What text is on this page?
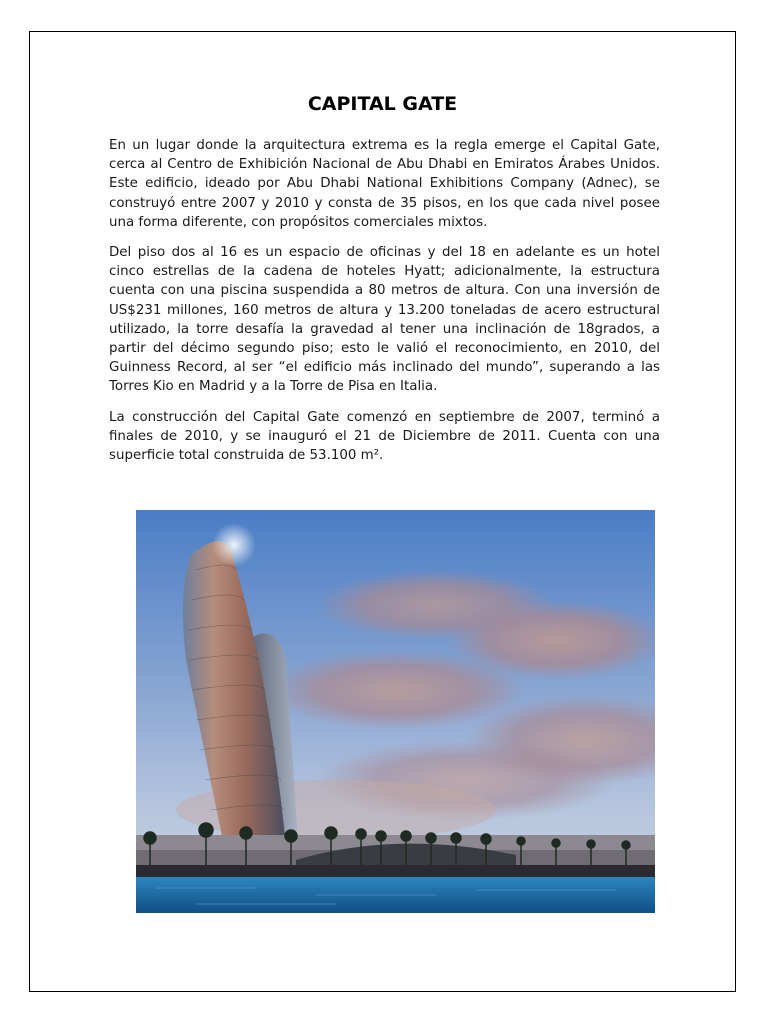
CAPITAL GATE

En un lugar donde la arquitectura extrema es la regla emerge el Capital Gate, cerca al Centro de Exhibición Nacional de Abu Dhabi en Emiratos Árabes Unidos. Este edificio, ideado por Abu Dhabi National Exhibitions Company (Adnec), se construyó entre 2007 y 2010 y consta de 35 pisos, en los que cada nivel posee una forma diferente, con propósitos comerciales mixtos.

Del piso dos al 16 es un espacio de oficinas y del 18 en adelante es un hotel cinco estrellas de la cadena de hoteles Hyatt; adicionalmente, la estructura cuenta con una piscina suspendida a 80 metros de altura. Con una inversión de US$231 millones, 160 metros de altura y 13.200 toneladas de acero estructural utilizado, la torre desafía la gravedad al tener una inclinación de 18grados, a partir del décimo segundo piso; esto le valió el reconocimiento, en 2010, del Guinness Record, al ser “el edificio más inclinado del mundo”, superando a las Torres Kio en Madrid y a la Torre de Pisa en Italia.

La construcción del Capital Gate comenzó en septiembre de 2007, terminó a finales de 2010, y se inauguró el 21 de Diciembre de 2011. Cuenta con una superficie total construida de 53.100 m².
